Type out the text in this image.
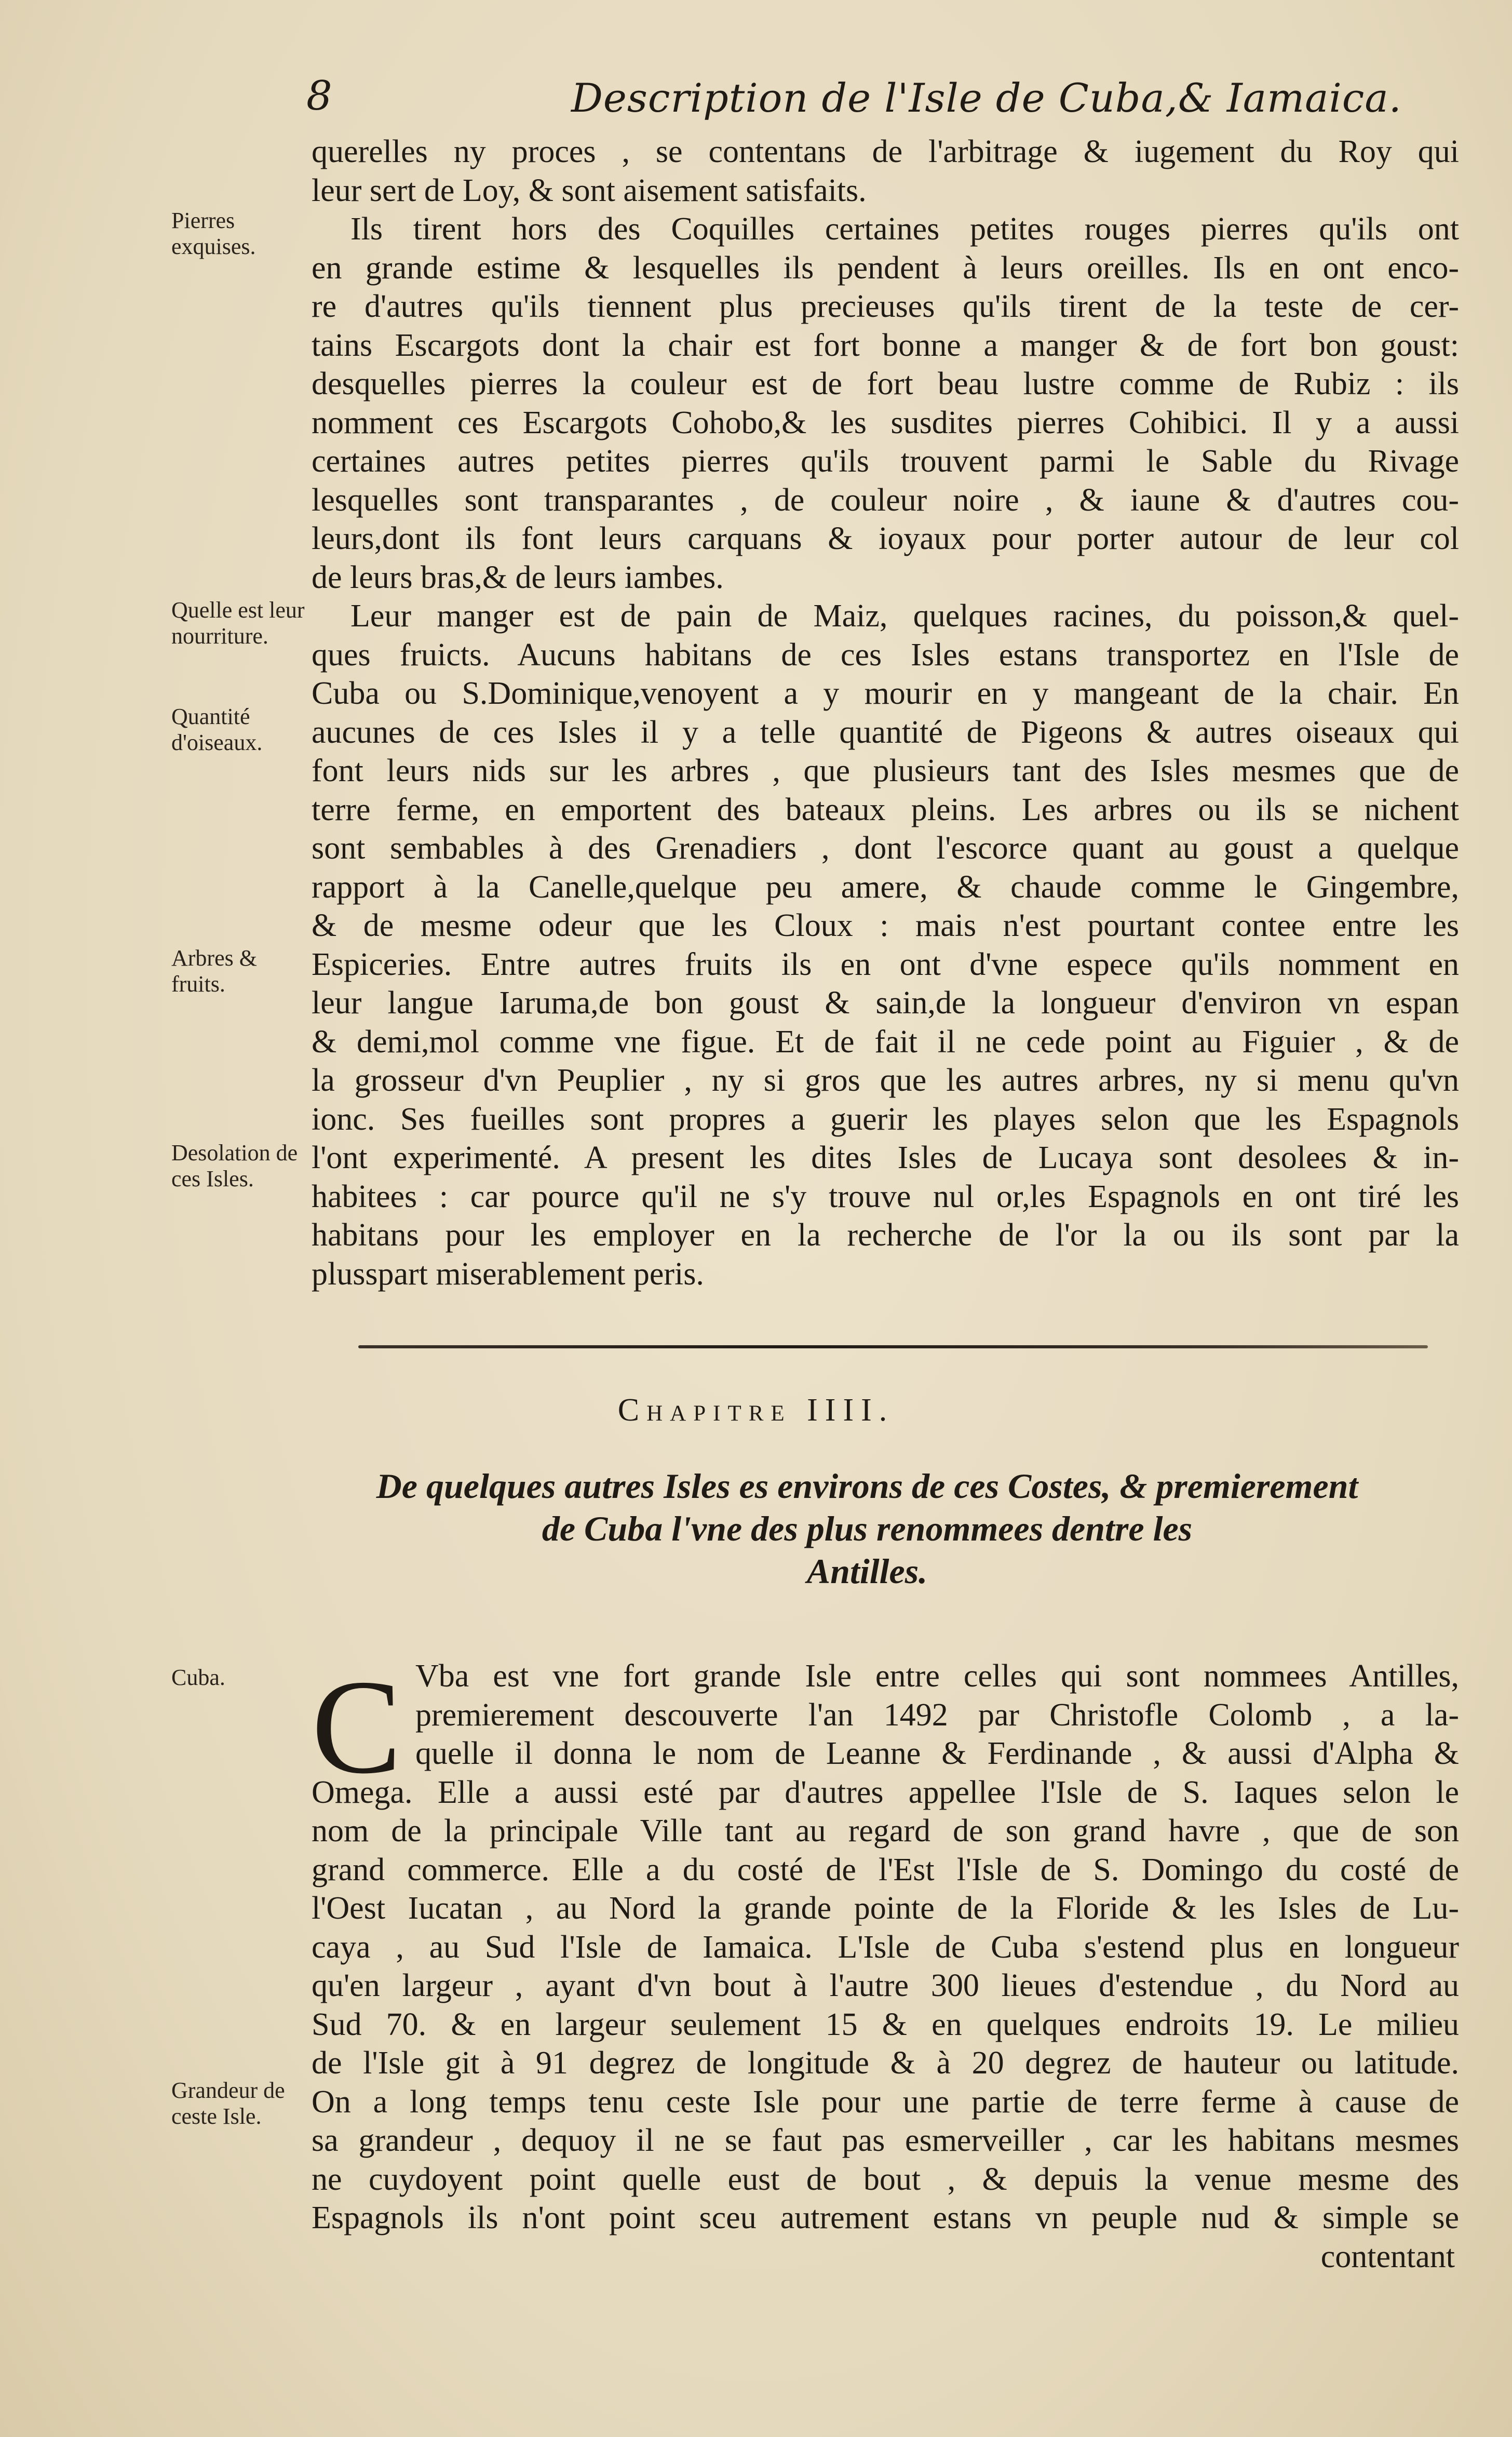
8	Description de l'Isle de Cuba,& Iamaica.
Pierres exquises.
Quelle est leur nourriture.
Quantité d'oiseaux.
Arbres & fruits.
Desolation de ces Isles.
Cuba.
Grandeur de ceste Isle.
querelles ny proces , se contentans de l'arbitrage & iugement du Roy qui
leur sert de Loy, & sont aisement satisfaits.
Ils tirent hors des Coquilles certaines petites rouges pierres qu'ils ont
en grande estime & lesquelles ils pendent à leurs oreilles. Ils en ont enco-
re d'autres qu'ils tiennent plus precieuses qu'ils tirent de la teste de cer-
tains Escargots dont la chair est fort bonne a manger & de fort bon goust:
desquelles pierres la couleur est de fort beau lustre comme de Rubiz : ils
nomment ces Escargots Cohobo,& les susdites pierres Cohibici. Il y a aussi
certaines autres petites pierres qu'ils trouvent parmi le Sable du Rivage
lesquelles sont transparantes , de couleur noire , & iaune & d'autres cou-
leurs,dont ils font leurs carquans & ioyaux pour porter autour de leur col
de leurs bras,& de leurs iambes.
Leur manger est de pain de Maiz, quelques racines, du poisson,& quel-
ques fruicts. Aucuns habitans de ces Isles estans transportez en l'Isle de
Cuba ou S.Dominique,venoyent a y mourir en y mangeant de la chair. En
aucunes de ces Isles il y a telle quantité de Pigeons & autres oiseaux qui
font leurs nids sur les arbres , que plusieurs tant des Isles mesmes que de
terre ferme, en emportent des bateaux pleins. Les arbres ou ils se nichent
sont sembables à des Grenadiers , dont l'escorce quant au goust a quelque
rapport à la Canelle,quelque peu amere, & chaude comme le Gingembre,
& de mesme odeur que les Cloux : mais n'est pourtant contee entre les
Espiceries. Entre autres fruits ils en ont d'vne espece qu'ils nomment en
leur langue Iaruma,de bon goust & sain,de la longueur d'environ vn espan
& demi,mol comme vne figue. Et de fait il ne cede point au Figuier , & de
la grosseur d'vn Peuplier , ny si gros que les autres arbres, ny si menu qu'vn
ionc. Ses fueilles sont propres a guerir les playes selon que les Espagnols
l'ont experimenté. A present les dites Isles de Lucaya sont desolees & in-
habitees : car pource qu'il ne s'y trouve nul or,les Espagnols en ont tiré les
habitans pour les employer en la recherche de l'or la ou ils sont par la
plusspart miserablement peris.
Chapitre IIII.
De quelques autres Isles es environs de ces Costes, & premierement
de Cuba l'vne des plus renommees dentre les
Antilles.
C Vba est vne fort grande Isle entre celles qui sont nommees Antilles,
premierement descouverte l'an 1492 par Christofle Colomb , a la-
quelle il donna le nom de Leanne & Ferdinande , & aussi d'Alpha &
Omega. Elle a aussi esté par d'autres appellee l'Isle de S. Iaques selon le
nom de la principale Ville tant au regard de son grand havre , que de son
grand commerce. Elle a du costé de l'Est l'Isle de S. Domingo du costé de
l'Oest Iucatan , au Nord la grande pointe de la Floride & les Isles de Lu-
caya , au Sud l'Isle de Iamaica. L'Isle de Cuba s'estend plus en longueur
qu'en largeur , ayant d'vn bout à l'autre 300 lieues d'estendue , du Nord au
Sud 70. & en largeur seulement 15 & en quelques endroits 19. Le milieu
de l'Isle git à 91 degrez de longitude & à 20 degrez de hauteur ou latitude.
On a long temps tenu ceste Isle pour une partie de terre ferme à cause de
sa grandeur , dequoy il ne se faut pas esmerveiller , car les habitans mesmes
ne cuydoyent point quelle eust de bout , & depuis la venue mesme des
Espagnols ils n'ont point sceu autrement estans vn peuple nud & simple se
contentant
